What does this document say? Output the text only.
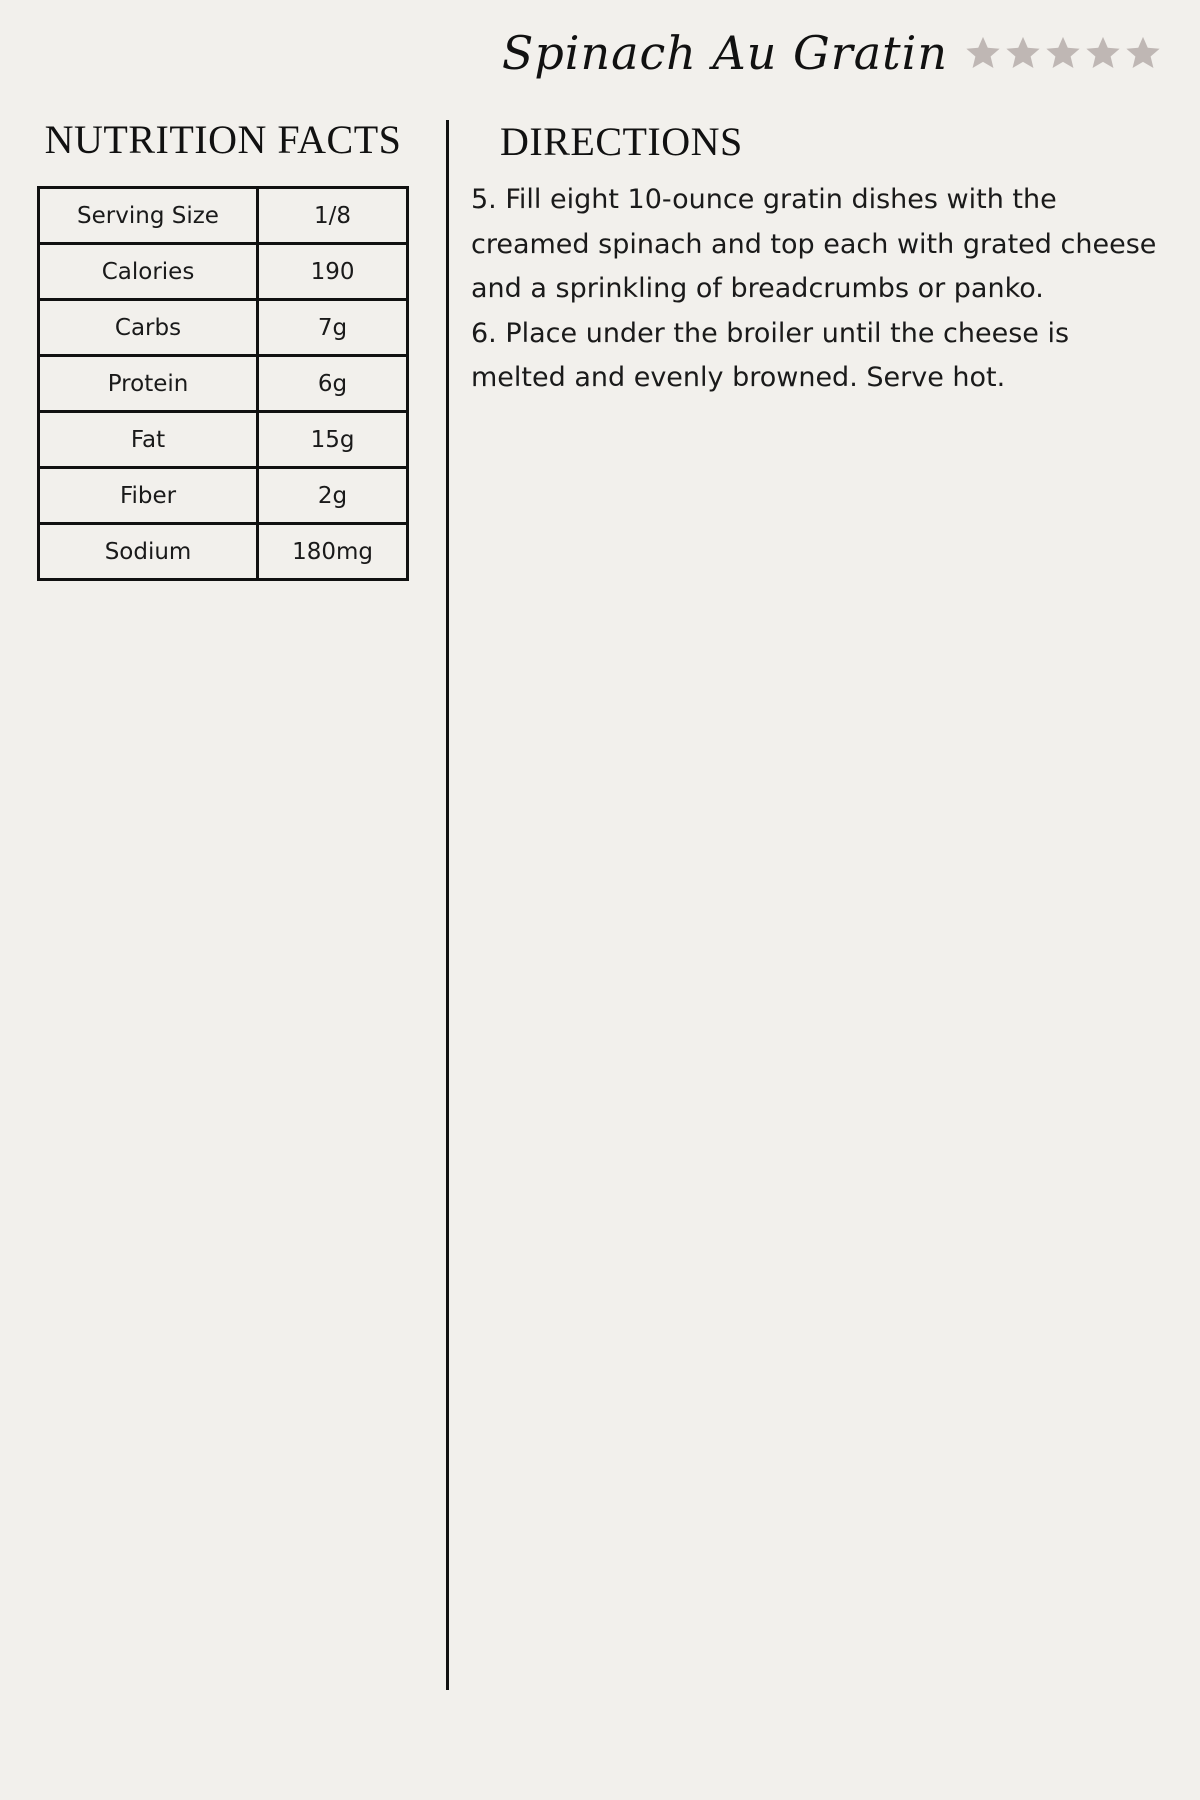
Spinach Au Gratin
NUTRITION FACTS
Serving Size	1/8
Calories	190
Carbs	7g
Protein	6g
Fat	15g
Fiber	2g
Sodium	180mg
DIRECTIONS

5. Fill eight 10-ounce gratin dishes with the creamed spinach and top each with grated cheese and a sprinkling of breadcrumbs or panko.

6. Place under the broiler until the cheese is melted and evenly browned. Serve hot.
